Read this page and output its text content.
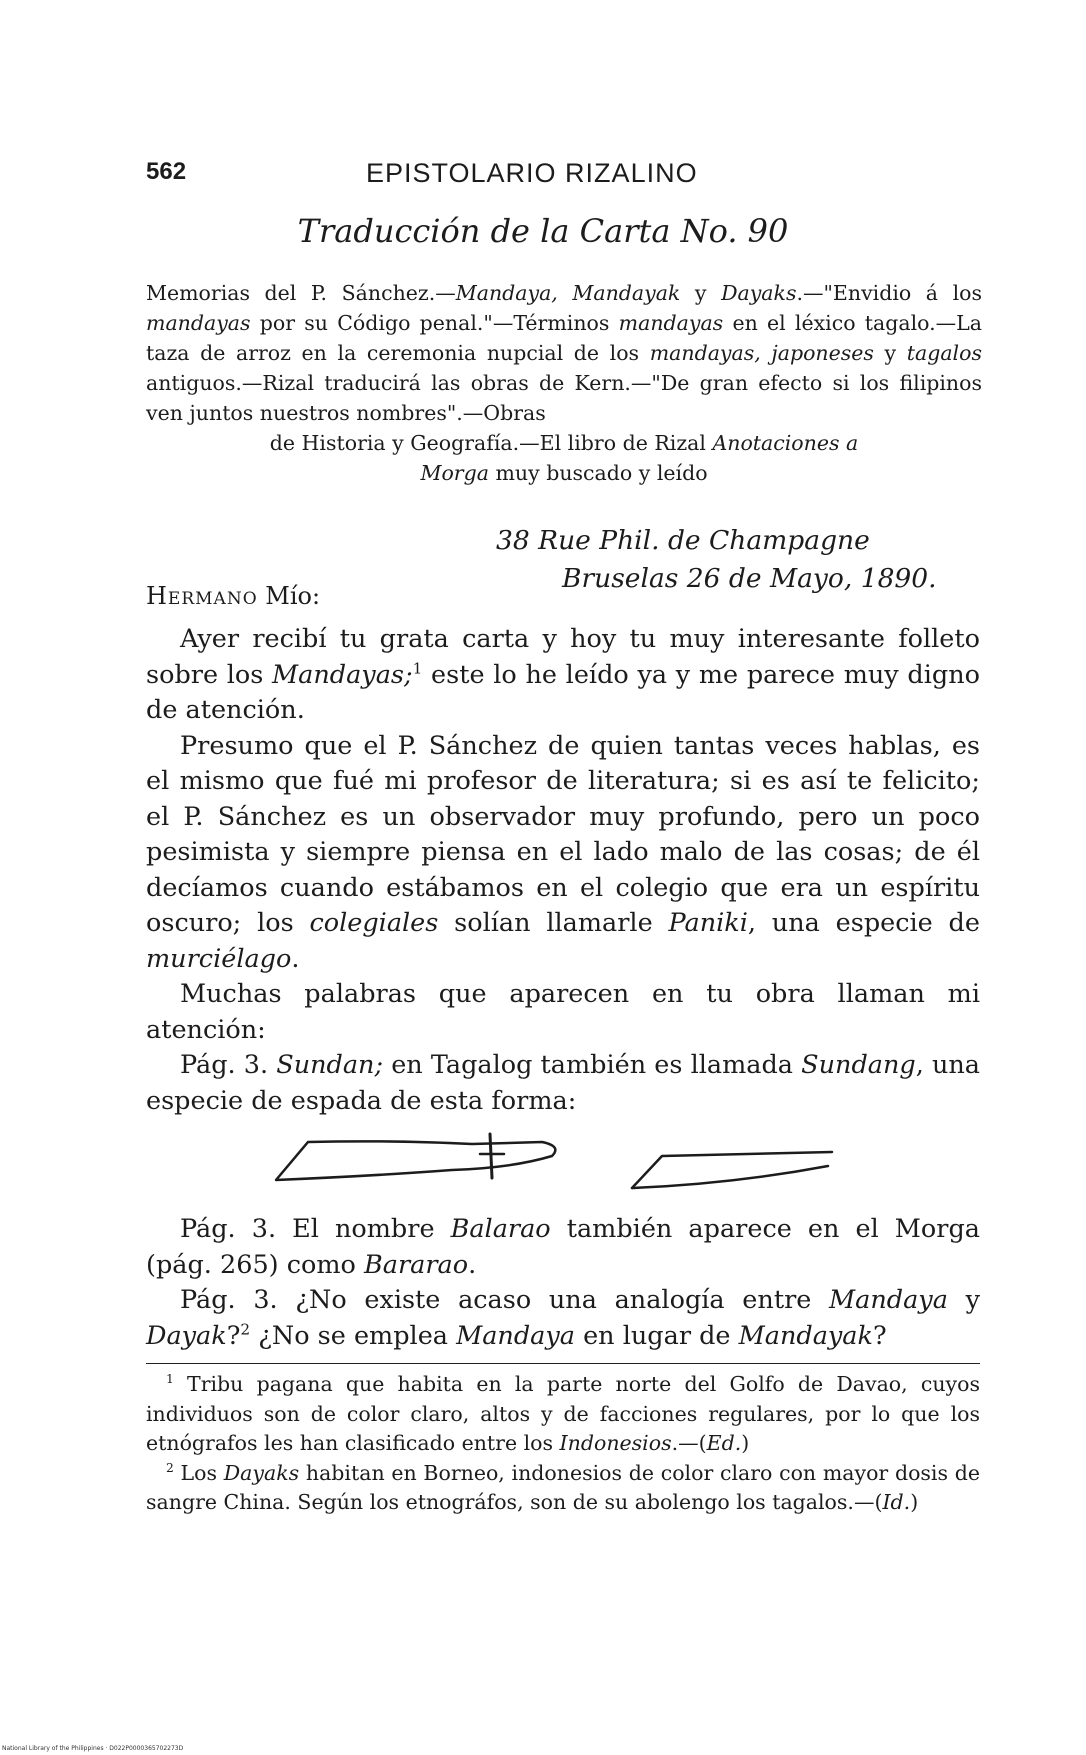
562	EPISTOLARIO RIZALINO
Traducción de la Carta No. 90
Memorias del P. Sánchez.—Mandaya, Mandayak y Dayaks.—"Envidio á los mandayas por su Código penal."—Términos mandayas en el léxico tagalo.—La taza de arroz en la ceremonia nupcial de los mandayas, japoneses y tagalos antiguos.—Rizal traducirá las obras de Kern.—"De gran efecto si los filipinos ven juntos nuestros nombres".—Obras
de Historia y Geografía.—El libro de Rizal Anotaciones a
Morga muy buscado y leído
38 Rue Phil. de Champagne
Bruselas 26 de Mayo, 1890.
Hermano Mío:

Ayer recibí tu grata carta y hoy tu muy interesante folleto sobre los Mandayas;$^1$ este lo he leído ya y me parece muy digno de atención.

Presumo que el P. Sánchez de quien tantas veces hablas, es el mismo que fué mi profesor de literatura; si es así te felicito; el P. Sánchez es un observador muy profundo, pero un poco pesimista y siempre piensa en el lado malo de las cosas; de él decíamos cuando estábamos en el colegio que era un espíritu oscuro; los colegiales solían llamarle Paniki, una especie de murciélago.

Muchas palabras que aparecen en tu obra llaman mi atención:

Pág. 3. Sundan; en Tagalog también es llamada Sundang, una especie de espada de esta forma:

Pág. 3. El nombre Balarao también aparece en el Morga (pág. 265) como Bararao.

Pág. 3. ¿No existe acaso una analogía entre Mandaya y Dayak?$^2$ ¿No se emplea Mandaya en lugar de Mandayak?

$^1$ Tribu pagana que habita en la parte norte del Golfo de Davao, cuyos individuos son de color claro, altos y de facciones regulares, por lo que los etnógrafos les han clasificado entre los Indonesios.—(Ed.)

$^2$ Los Dayaks habitan en Borneo, indonesios de color claro con mayor dosis de sangre China. Según los etnográfos, son de su abolengo los tagalos.—(Id.)

National Library of the Philippines · D022P0000365702273D
